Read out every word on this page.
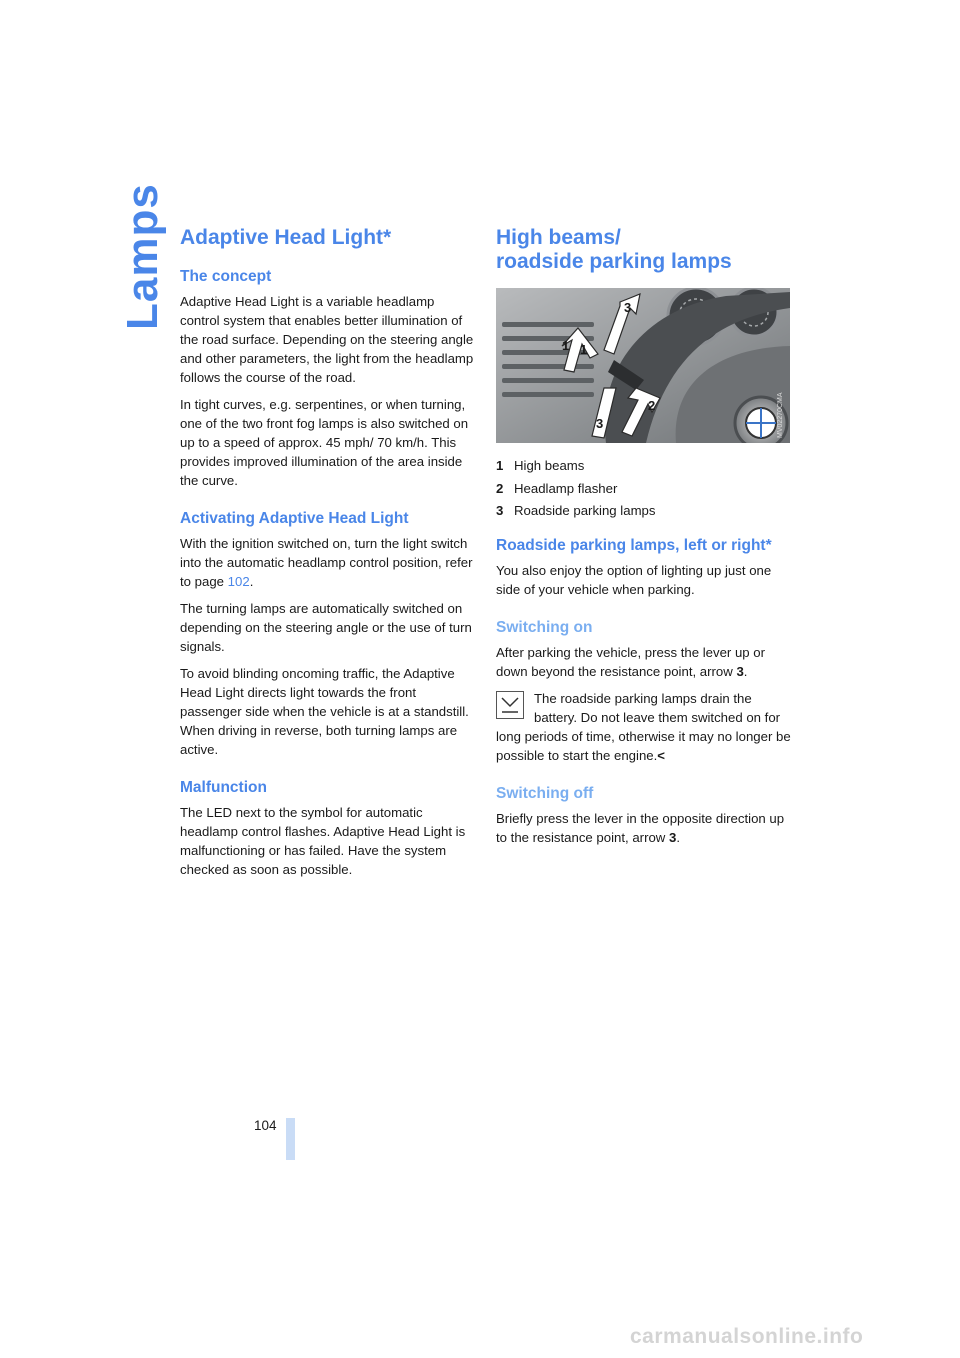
Lamps Adaptive Head Light*
The concept

Adaptive Head Light is a variable headlamp control system that enables better illumination of the road surface. Depending on the steering angle and other parameters, the light from the headlamp follows the course of the road.

In tight curves, e.g. serpentines, or when turning, one of the two front fog lamps is also switched on up to a speed of approx. 45 mph/ 70 km/h. This provides improved illumination of the area inside the curve.

Activating Adaptive Head Light

With the ignition switched on, turn the light switch into the automatic headlamp control position, refer to page 102.

The turning lamps are automatically switched on depending on the steering angle or the use of turn signals.

To avoid blinding oncoming traffic, the Adaptive Head Light directs light towards the front passenger side when the vehicle is at a standstill. When driving in reverse, both turning lamps are active.

Malfunction

The LED next to the symbol for automatic headlamp control flashes. Adaptive Head Light is malfunctioning or has failed. Have the system checked as soon as possible.

High beams/
roadside parking lamps
1
2
3
1
3	MV02270CMA
1 High beams
2 Headlamp flasher
3 Roadside parking lamps
Roadside parking lamps, left or right*

You also enjoy the option of lighting up just one side of your vehicle when parking.

Switching on

After parking the vehicle, press the lever up or down beyond the resistance point, arrow 3.

The roadside parking lamps drain the battery. Do not leave them switched on for

long periods of time, otherwise it may no longer be possible to start the engine.<

Switching off

Briefly press the lever in the opposite direction up to the resistance point, arrow 3.

104
carmanualsonline.info
